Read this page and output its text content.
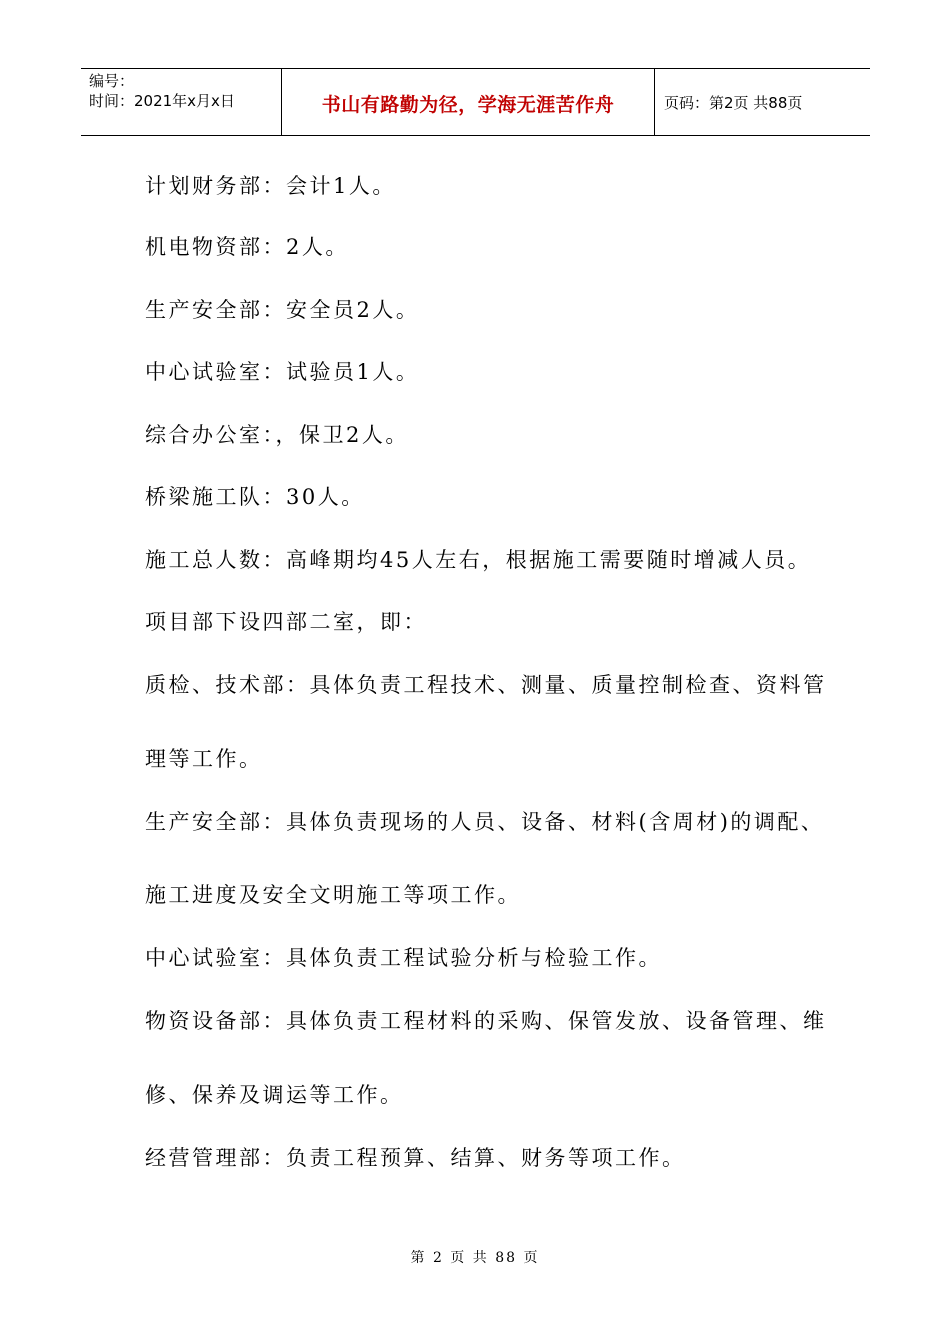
编号：
时间：2021年x月x日	书山有路勤为径，学海无涯苦作舟	页码：第2页 共88页
计划财务部：会计1人。
机电物资部：2人。
生产安全部：安全员2人。
中心试验室：试验员1人。
综合办公室：，保卫2人。
桥梁施工队：30人。
施工总人数：高峰期均45人左右，根据施工需要随时增减人员。
项目部下设四部二室，即：
质检、技术部：具体负责工程技术、测量、质量控制检查、资料管
理等工作。
生产安全部：具体负责现场的人员、设备、材料(含周材)的调配、
施工进度及安全文明施工等项工作。
中心试验室：具体负责工程试验分析与检验工作。
物资设备部：具体负责工程材料的采购、保管发放、设备管理、维
修、保养及调运等工作。
经营管理部：负责工程预算、结算、财务等项工作。
第 2 页 共 88 页
